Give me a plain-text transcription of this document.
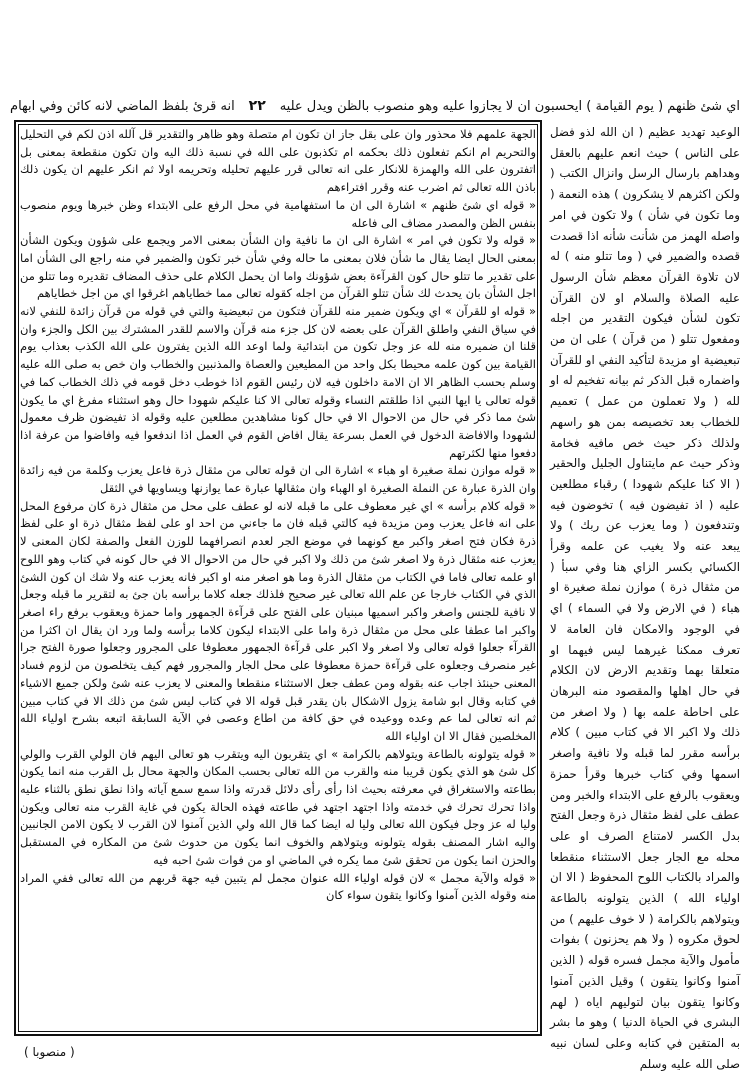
اي شئ ظنهم ( يوم القيامة ) ايحسبون ان لا يجازوا عليه وهو منصوب بالظن ويدل عليه
٢٢
انه قرئ بلفظ الماضي لانه كائن وفي ابهام

الوعيد تهديد عظيم ( ان الله لذو فضل على الناس ) حيث انعم عليهم بالعقل وهداهم بارسال الرسل وانزال الكتب ( ولكن اكثرهم لا يشكرون ) هذه النعمة ( وما تكون في شأن ) ولا تكون في امر واصله الهمز من شأنت شأنه اذا قصدت قصده والضمير في ( وما تتلو منه ) له لان تلاوة القرآن معظم شأن الرسول عليه الصلاة والسلام او لان القرآن تكون لشأن فيكون التقدير من اجله ومفعول تتلو ( من قرآن ) على ان من تبعيضية او مزيدة لتأكيد النفي او للقرآن واضماره قبل الذكر ثم بيانه تفخيم له او لله ( ولا تعملون من عمل ) تعميم للخطاب بعد تخصيصه بمن هو راسهم ولذلك ذكر حيث خص مافيه فخامة وذكر حيث عم مايتناول الجليل والحقير ( الا كنا عليكم شهودا ) رقباء مطلعين عليه ( اذ تفيضون فيه ) تخوضون فيه وتندفعون ( وما يعزب عن ربك ) ولا يبعد عنه ولا يغيب عن علمه وقرأ الكسائي بكسر الزاي هنا وفي سبأ ( من مثقال ذرة ) موازن نملة صغيرة او هباء ( في الارض ولا في السماء ) اي في الوجود والامكان فان العامة لا تعرف ممكنا غيرهما ليس فيهما او متعلقا بهما وتقديم الارض لان الكلام في حال اهلها والمقصود منه البرهان على احاطة علمه بها ( ولا اصغر من ذلك ولا اكبر الا في كتاب مبين ) كلام برأسه مقرر لما قبله ولا نافية واصغر اسمها وفي كتاب خبرها وقرأ حمزة ويعقوب بالرفع على الابتداء والخبر ومن عطف على لفظ مثقال ذرة وجعل الفتح بدل الكسر لامتناع الصرف او على محله مع الجار جعل الاستثناء منقطعا والمراد بالكتاب اللوح المحفوظ ( الا ان اولياء الله ) الذين يتولونه بالطاعة ويتولاهم بالكرامة ( لا خوف عليهم ) من لحوق مكروه ( ولا هم يحزنون ) بفوات مأمول والآية مجمل فسره قوله ( الذين آمنوا وكانوا يتقون ) وقيل الذين آمنوا وكانوا يتقون بيان لتوليهم اياه ( لهم البشرى في الحياة الدنيا ) وهو ما بشر به المتقين في كتابه وعلى لسان نبيه صلى الله عليه وسلم

الجهة علمهم فلا محذور وان على بقل جاز ان تكون ام متصلة وهو ظاهر والتقدير قل آلله اذن لكم في التحليل والتحريم ام انكم تفعلون ذلك بحكمه ام تكذبون على الله في نسبة ذلك اليه وان تكون منقطعة بمعنى بل اتفترون على الله والهمزة للانكار على انه تعالى قرر عليهم تحليله وتحريمه اولا ثم انكر عليهم ان يكون ذلك باذن الله تعالى ثم اضرب عنه وقرر افتراءهم

« قوله اي شئ ظنهم » اشارة الى ان ما استفهامية في محل الرفع على الابتداء وظن خبرها ويوم منصوب بنفس الظن والمصدر مضاف الى فاعله

« قوله ولا تكون في امر » اشارة الى ان ما نافية وان الشأن بمعنى الامر ويجمع على شؤون ويكون الشأن بمعنى الحال ايضا يقال ما شأن فلان بمعنى ما حاله وفي شأن خبر تكون والضمير في منه راجع الى الشأن اما على تقدير ما تتلو حال كون القرآءة بعض شؤونك واما ان يحمل الكلام على حذف المضاف تقديره وما تتلو من اجل الشأن بان يحدث لك شأن تتلو القرآن من اجله كقوله تعالى مما خطاياهم اغرقوا اي من اجل خطاياهم

« قوله او للقرآن » اي ويكون ضمير منه للقرآن فتكون من تبعيضية والتي في قوله من قرآن زائدة للنفي لانه في سياق النفي واطلق القرآن على بعضه لان كل جزء منه قرآن والاسم للقدر المشترك بين الكل والجزء وان قلنا ان ضميره منه لله عز وجل تكون من ابتدائية ولما اوعد الله الذين يفترون على الله الكذب بعذاب يوم القيامة بين كون علمه محيطا بكل واحد من المطيعين والعصاة والمذنبين والخطاب وان خص به صلى الله عليه وسلم بحسب الظاهر الا ان الامة داخلون فيه لان رئيس القوم اذا خوطب دخل قومه في ذلك الخطاب كما في قوله تعالى يا ايها النبي اذا طلقتم النساء وقوله تعالى الا كنا عليكم شهودا حال وهو استثناء مفرغ اي ما يكون شئ مما ذكر في حال من الاحوال الا في حال كونا مشاهدين مطلعين عليه وقوله اذ تفيضون ظرف معمول لشهودا والافاضة الدخول في العمل بسرعة يقال افاض القوم في العمل اذا اندفعوا فيه وافاضوا من عرفة اذا دفعوا منها لكثرتهم

« قوله موازن نملة صغيرة او هباء » اشارة الى ان قوله تعالى من مثقال ذرة فاعل يعزب وكلمة من فيه زائدة وان الذرة عبارة عن النملة الصغيرة او الهباء وان مثقالها عبارة عما يوازنها ويساويها في الثقل

« قوله كلام برأسه » اي غير معطوف على ما قبله لانه لو عطف على محل من مثقال ذرة كان مرفوع المحل على انه فاعل يعزب ومن مزيدة فيه كالتي قبله فان ما جاءني من احد او على لفظ مثقال ذرة او على لفظ ذرة فكان فتح اصغر واكبر مع كونهما في موضع الجر لعدم انصرافهما للوزن الفعل والصفة لكان المعنى لا يعزب عنه مثقال ذرة ولا اصغر شئ من ذلك ولا اكبر في حال من الاحوال الا في حال كونه في كتاب وهو اللوح او علمه تعالى فاما في الكتاب من مثقال الذرة وما هو اصغر منه او اكبر فانه يعزب عنه ولا شك ان كون الشئ الذي في الكتاب خارجا عن علم الله تعالى غير صحيح فلذلك جعله كلاما برأسه بان جئ به لتقرير ما قبله وجعل لا نافية للجنس واصغر واكبر اسميها مبنيان على الفتح على قرآءة الجمهور واما حمزة ويعقوب برفع راء اصغر واكبر اما عطفا على محل من مثقال ذرة واما على الابتداء ليكون كلاما برأسه ولما ورد ان يقال ان اكثرا من القرآء جعلوا قوله تعالى ولا اصغر ولا اكبر على قرآءة الجمهور معطوفا على المجرور وجعلوا صورة الفتح جرا غير منصرف وجعلوه على قرآءة حمزة معطوفا على محل الجار والمجرور فهم كيف يتخلصون من لزوم فساد المعنى حينئذ اجاب عنه بقوله ومن عطف جعل الاستثناء منقطعا والمعنى لا يعزب عنه شئ ولكن جميع الاشياء في كتابه وقال ابو شامة يزول الاشكال بان يقدر قبل قوله الا في كتاب ليس شئ من ذلك الا في كتاب مبين ثم انه تعالى لما عم وعده ووعيده في حق كافة من اطاع وعصى في الآية السابقة اتبعه بشرح اولياء الله المخلصين فقال الا ان اولياء الله

« قوله يتولونه بالطاعة ويتولاهم بالكرامة » اي يتقربون اليه ويتقرب هو تعالى اليهم فان الولي القرب والولي كل شئ هو الذي يكون قريبا منه والقرب من الله تعالى بحسب المكان والجهة محال بل القرب منه انما يكون بطاعته والاستغراق في معرفته بحيث اذا رأى رأى دلائل قدرته واذا سمع سمع آياته واذا نطق نطق بالثناء عليه واذا تحرك تحرك في خدمته واذا اجتهد اجتهد في طاعته فهذه الحالة يكون في غاية القرب منه تعالى ويكون وليا له عز وجل فيكون الله تعالى وليا له ايضا كما قال الله ولي الذين آمنوا لان القرب لا يكون الامن الجانبين واليه اشار المصنف بقوله يتولونه ويتولاهم والخوف انما يكون من حدوث شئ من المكاره في المستقبل والحزن انما يكون من تحقق شئ مما يكره في الماضي او من فوات شئ احبه فيه

« قوله والآية مجمل » لان قوله اولياء الله عنوان مجمل لم يتبين فيه جهة قربهم من الله تعالى ففي المراد منه وقوله الذين آمنوا وكانوا يتقون سواء كان

( منصوبا )
